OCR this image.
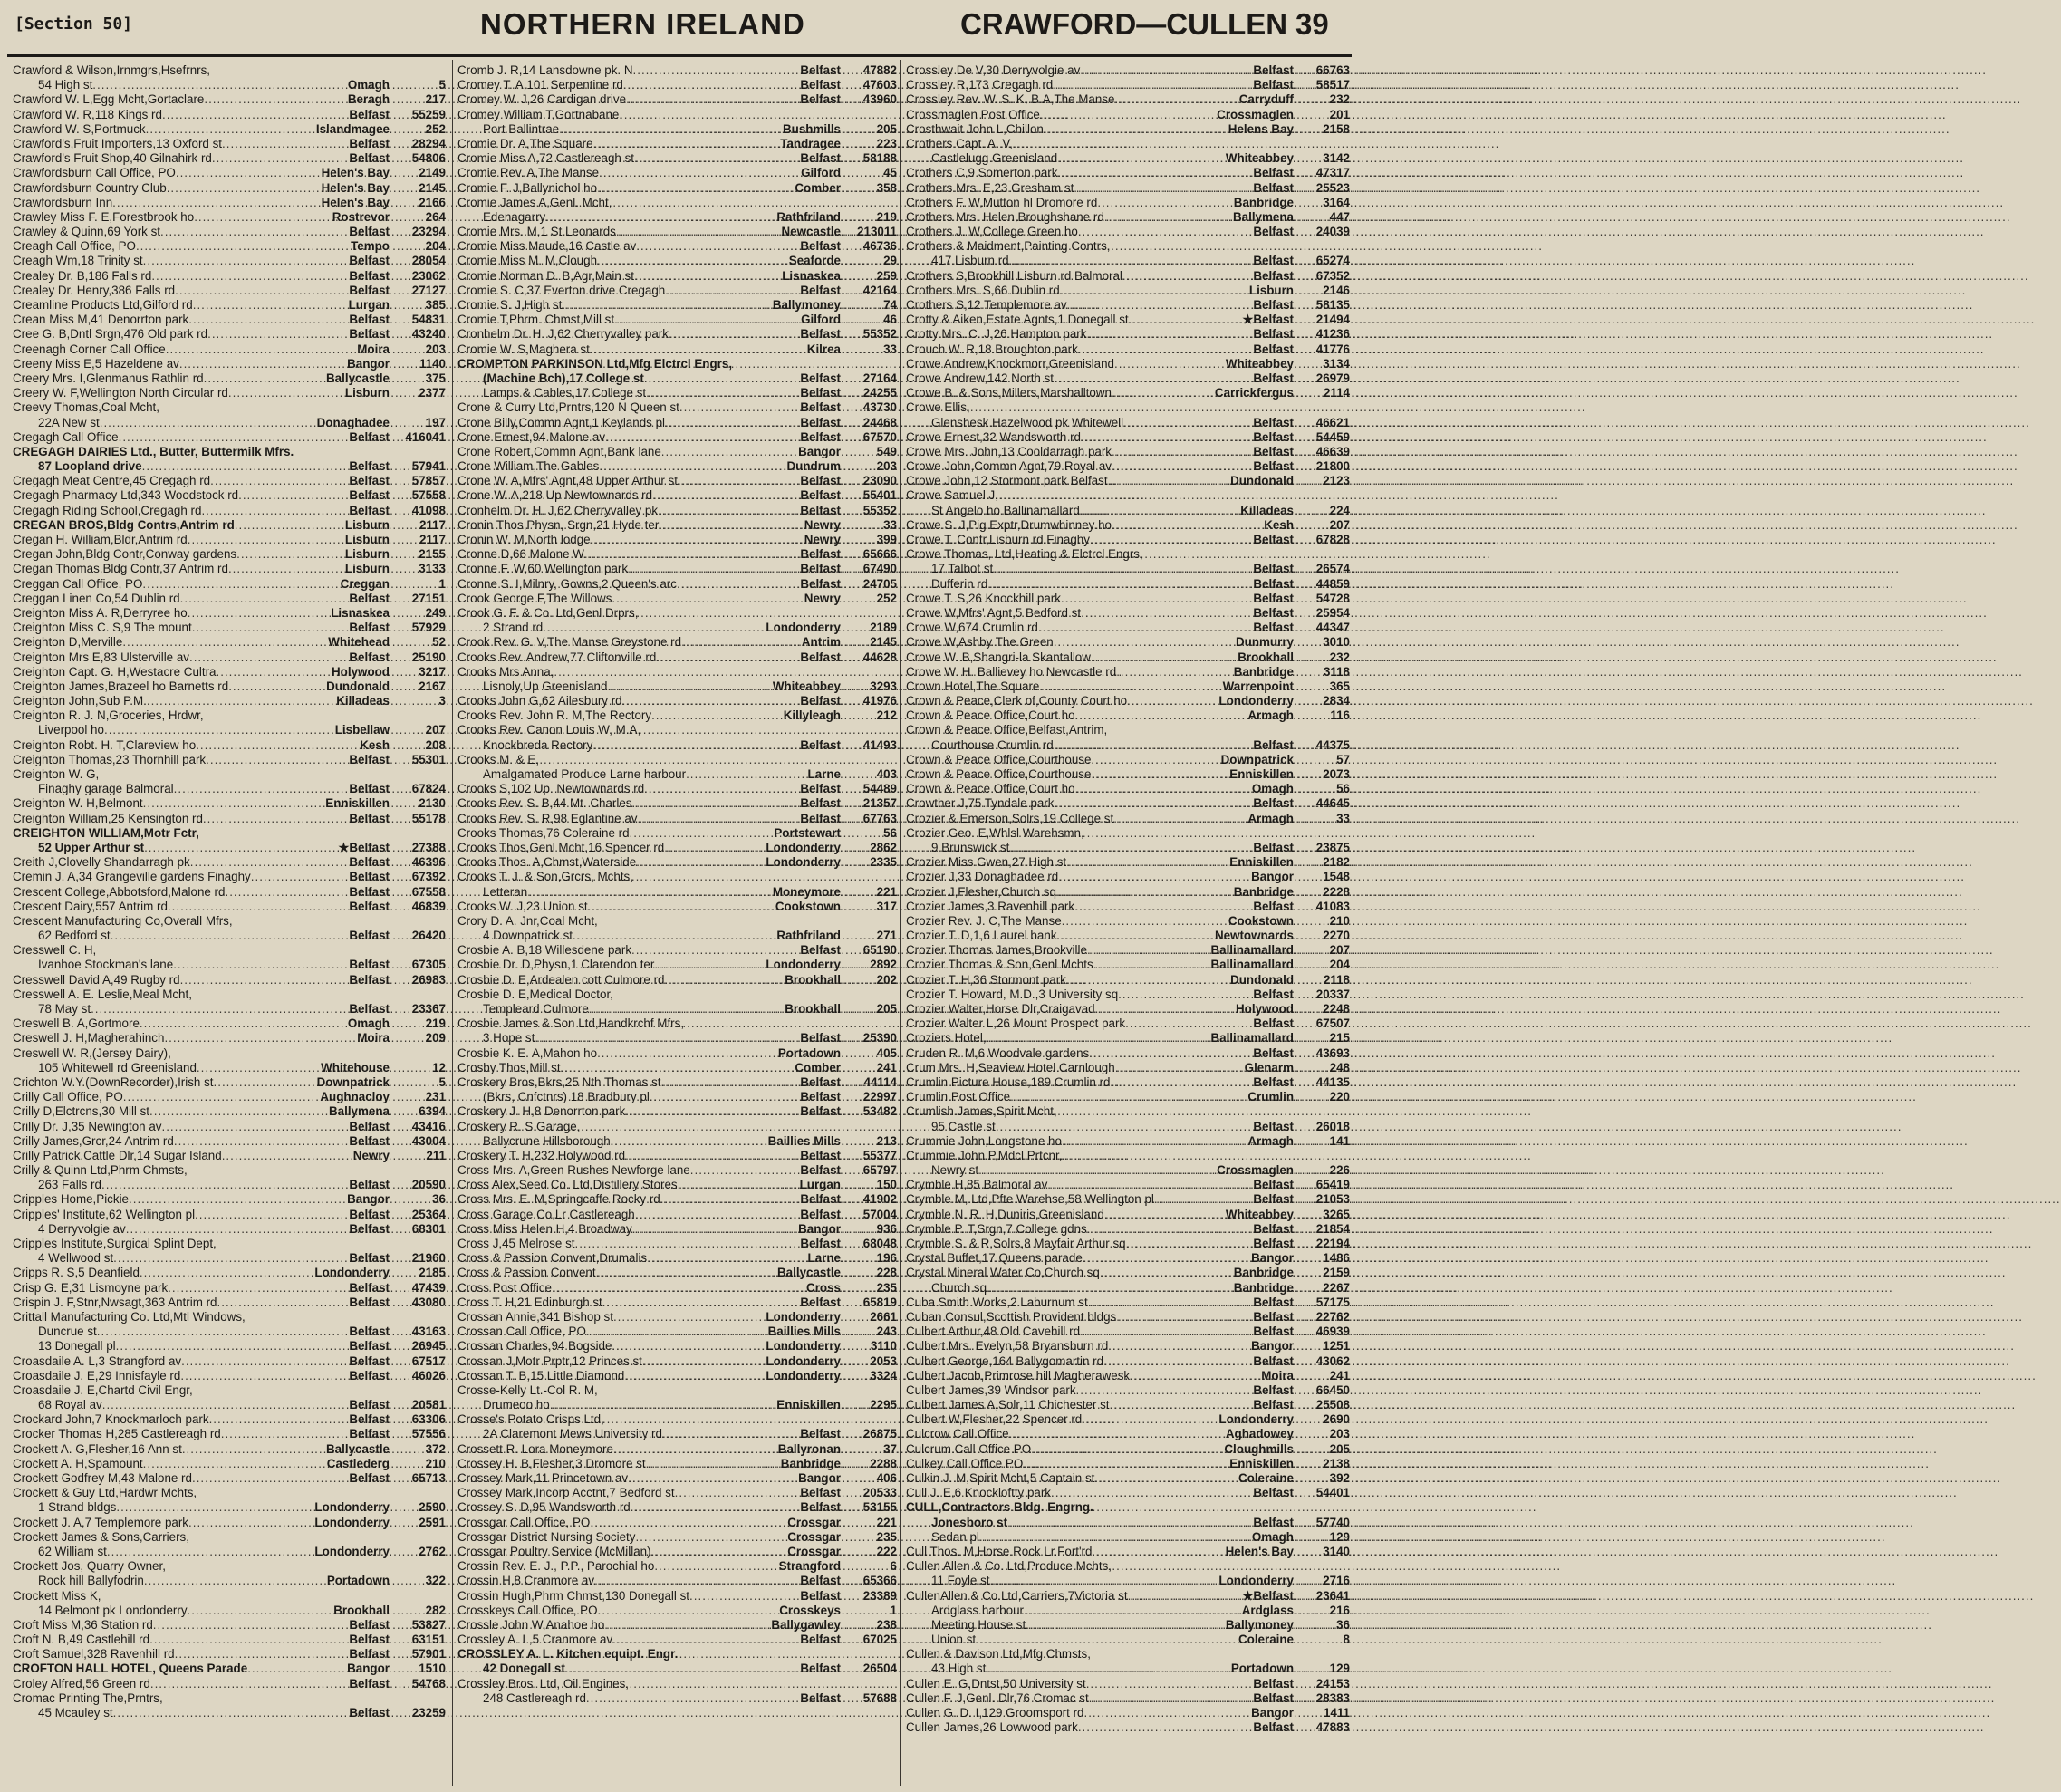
[Section 50]	NORTHERN IRELAND	CRAWFORD—CULLEN 39
Crawford & Wilson,Irnmgrs,Hsefrnrs,
54 High st .....	Omagh	5
Crawford W. L,Egg Mcht,Gortaclare .....	Beragh	217
Crawford W. R,118 Kings rd .....	Belfast	55259
Crawford W. S,Portmuck .....	Islandmagee	252
Crawford's,Fruit Importers,13 Oxford st .....	Belfast	28294
Crawford's Fruit Shop,40 Gilnahirk rd .....	Belfast	54806
Crawfordsburn Call Office, PO .....	Helen's Bay	2149
Crawfordsburn Country Club .....	Helen's Bay	2145
Crawfordsburn Inn .....	Helen's Bay	2166
Crawley Miss F. E,Forestbrook ho .....	Rostrevor	264
Crawley & Quinn,69 York st .....	Belfast	23294
Creagh Call Office, PO .....	Tempo	204
Creagh Wm,18 Trinity st .....	Belfast	28054
Crealey Dr. B,186 Falls rd .....	Belfast	23062
Crealey Dr. Henry,386 Falls rd .....	Belfast	27127
Creamline Products Ltd,Gilford rd .....	Lurgan	385
Crean Miss M,41 Denorrton park .....	Belfast	54831
Cree G. B,Dntl Srgn,476 Old park rd .....	Belfast	43240
Creenagh Corner Call Office .....	Moira	203
Creeny Miss E,5 Hazeldene av .....	Bangor	1140
Creery Mrs. I,Glenmanus Rathlin rd .....	Ballycastle	375
Creery W. F,Wellington North Circular rd .....	Lisburn	2377
Creevy Thomas,Coal Mcht,
22A New st .....	Donaghadee	197
Cregagh Call Office .....	Belfast	416041
CREGAGH DAIRIES Ltd., Butter, Buttermilk Mfrs.
87 Loopland drive .....	Belfast	57941
Cregagh Meat Centre,45 Cregagh rd .....	Belfast	57857
Cregagh Pharmacy Ltd,343 Woodstock rd .....	Belfast	57558
Cregagh Riding School,Cregagh rd .....	Belfast	41098
CREGAN BROS,Bldg Contrs,Antrim rd .....	Lisburn	2117
Cregan H. William,Bldr,Antrim rd .....	Lisburn	2117
Cregan John,Bldg Contr,Conway gardens .....	Lisburn	2155
Cregan Thomas,Bldg Contr,37 Antrim rd .....	Lisburn	3133
Creggan Call Office, PO .....	Creggan	1
Creggan Linen Co,54 Dublin rd .....	Belfast	27151
Creighton Miss A. R,Derryree ho .....	Lisnaskea	249
Creighton Miss C. S,9 The mount .....	Belfast	57929
Creighton D,Merville .....	Whitehead	52
Creighton Mrs E,83 Ulsterville av .....	Belfast	25190
Creighton Capt. G. H,Westacre Cultra .....	Holywood	3217
Creighton James,Brazeel ho Barnetts rd .....	Dundonald	2167
Creighton John,Sub P.M. .....	Killadeas	3
Creighton R. J. N,Groceries, Hrdwr,
Liverpool ho .....	Lisbellaw	207
Creighton Robt. H. T,Clareview ho .....	Kesh	208
Creighton Thomas,23 Thornhill park .....	Belfast	55301
Creighton W. G,
Finaghy garage Balmoral .....	Belfast	67824
Creighton W. H,Belmont .....	Enniskillen	2130
Creighton William,25 Kensington rd .....	Belfast	55178
CREIGHTON WILLIAM,Motr Fctr,
52 Upper Arthur st .....	★Belfast	27388
Creith J,Clovelly Shandarragh pk .....	Belfast	46396
Cremin J. A,34 Grangeville gardens Finaghy .....	Belfast	67392
Crescent College,Abbotsford,Malone rd .....	Belfast	67558
Crescent Dairy,557 Antrim rd .....	Belfast	46839
Crescent Manufacturing Co,Overall Mfrs,
62 Bedford st .....	Belfast	26420
Cresswell C. H,
Ivanhoe Stockman's lane .....	Belfast	67305
Cresswell David A,49 Rugby rd .....	Belfast	26983
Cresswell A. E. Leslie,Meal Mcht,
78 May st .....	Belfast	23367
Creswell B. A,Gortmore .....	Omagh	219
Creswell J. H,Magherahinch .....	Moira	209
Creswell W. R,(Jersey Dairy),
105 Whitewell rd Greenisland .....	Whitehouse	12
Crichton W.Y.(DownRecorder),Irish st .....	Downpatrick	5
Crilly Call Office, PO .....	Aughnacloy	231
Crilly D,Elctrcns,30 Mill st .....	Ballymena	6394
Crilly Dr. J,35 Newington av .....	Belfast	43416
Crilly James,Grcr,24 Antrim rd .....	Belfast	43004
Crilly Patrick,Cattle Dlr,14 Sugar Island .....	Newry	211
Crilly & Quinn Ltd,Phrm Chmsts,
263 Falls rd .....	Belfast	20590
Cripples Home,Pickie .....	Bangor	36
Cripples' Institute,62 Wellington pl .....	Belfast	25364
4 Derryvolgie av .....	Belfast	68301
Cripples Institute,Surgical Splint Dept,
4 Wellwood st .....	Belfast	21960
Cripps R. S,5 Deanfield .....	Londonderry	2185
Crisp G. E,31 Lismoyne park .....	Belfast	47439
Crispin J. F,Stnr,Nwsagt,363 Antrim rd .....	Belfast	43080
Crittall Manufacturing Co. Ltd,Mtl Windows,
Duncrue st .....	Belfast	43163
13 Donegall pl .....	Belfast	26945
Croasdaile A. L,3 Strangford av .....	Belfast	67517
Croasdaile J. E,29 Innisfayle rd .....	Belfast	46026
Croasdaile J. E,Chartd Civil Engr,
68 Royal av .....	Belfast	20581
Crockard John,7 Knockmarloch park .....	Belfast	63306
Crocker Thomas H,285 Castlereagh rd .....	Belfast	57556
Crockett A. G,Flesher,16 Ann st .....	Ballycastle	372
Crockett A. H,Spamount .....	Castlederg	210
Crockett Godfrey M,43 Malone rd .....	Belfast	65713
Crockett & Guy Ltd,Hardwr Mchts,
1 Strand bldgs .....	Londonderry	2590
Crockett J. A,7 Templemore park .....	Londonderry	2591
Crockett James & Sons,Carriers,
62 William st .....	Londonderry	2762
Crockett Jos, Quarry Owner,
Rock hill Ballyfodrin .....	Portadown	322
Crockett Miss K,
14 Belmont pk Londonderry .....	Brookhall	282
Croft Miss M,36 Station rd .....	Belfast	53827
Croft N. B,49 Castlehill rd .....	Belfast	63151
Croft Samuel,328 Ravenhill rd .....	Belfast	57901
CROFTON HALL HOTEL, Queens Parade .....	Bangor	1510
Croley Alfred,56 Green rd .....	Belfast	54768
Cromac Printing The,Prntrs,
45 Mcauley st .....	Belfast	23259
Cromb J. R,14 Lansdowne pk. N .....	Belfast	47882
Cromey T. A,101 Serpentine rd .....	Belfast	47603
Cromey W. J,26 Cardigan drive .....	Belfast	43960
Cromey William T,Gortnabane,
Port Ballintrae .....	Bushmills	205
Cromie Dr. A,The Square .....	Tandragee	223
Cromie Miss A,72 Castlereagh st .....	Belfast	58188
Cromie Rev. A,The Manse .....	Gilford	45
Cromie F. J,Ballynichol ho .....	Comber	358
Cromie James A,Genl. Mcht,
Edenagarry .....	Rathfriland	219
Cromie Mrs. M,1 St Leonards .....	Newcastle	213011
Cromie Miss Maude,16 Castle av .....	Belfast	46736
Cromie Miss M. M,Clough .....	Seaforde	29
Cromie Norman D. B,Agr,Main st .....	Lisnaskea	259
Cromie S. C,37 Everton drive Cregagh .....	Belfast	42164
Cromie S. J,High st .....	Ballymoney	74
Cromie T,Phrm. Chmst,Mill st .....	Gilford	46
Cronhelm Dr. H. J,62 Cherryvalley park .....	Belfast	55352
Cromie W. S,Maghera st .....	Kilrea	33
CROMPTON PARKINSON Ltd,Mfg Elctrcl Engrs,
(Machine Bch),17 College st .....	Belfast	27164
Lamps & Cables,17 College st .....	Belfast	24255
Crone & Curry Ltd,Prntrs,120 N Queen st .....	Belfast	43730
Crone Billy,Commn Agnt,1 Keylands pl .....	Belfast	24468
Crone Ernest,94 Malone av .....	Belfast	67570
Crone Robert,Commn Agnt,Bank lane .....	Bangor	549
Crone William,The Gables .....	Dundrum	203
Crone W. A,Mfrs' Agnt,48 Upper Arthur st .....	Belfast	23090
Crone W. A,218 Up Newtownards rd .....	Belfast	55401
Cronhelm Dr. H. J,62 Cherryvalley pk .....	Belfast	55352
Cronin Thos,Physn, Srgn,21 Hyde ter .....	Newry	33
Cronin W. M,North lodge .....	Newry	399
Cronne D,66 Malone W .....	Belfast	65666
Cronne F. W,60 Wellington park .....	Belfast	67490
Cronne S. I,Milnry, Gowns,2 Queen's arc .....	Belfast	24705
Crook George F,The Willows .....	Newry	252
Crook G. F. & Co. Ltd,Genl Drprs,
2 Strand rd .....	Londonderry	2189
Crook Rev. G. V,The Manse Greystone rd .....	Antrim	2145
Crooks Rev. Andrew,77 Cliftonville rd .....	Belfast	44628
Crooks Mrs Anna,
Lisnoly,Up Greenisland .....	Whiteabbey	3293
Crooks John G,62 Ailesbury rd .....	Belfast	41976
Crooks Rev. John R. M,The Rectory .....	Killyleagh	212
Crooks Rev. Canon Louis W, M.A,
Knockbreda Rectory .....	Belfast	41493
Crooks M. & E,
Amalgamated Produce Larne harbour .....	Larne	403
Crooks S,102 Up. Newtownards rd .....	Belfast	54489
Crooks Rev. S. B,44 Mt. Charles .....	Belfast	21357
Crooks Rev. S. R,98 Eglantine av .....	Belfast	67763
Crooks Thomas,76 Coleraine rd .....	Portstewart	56
Crooks Thos,Genl Mcht,16 Spencer rd .....	Londonderry	2862
Crooks Thos. A,Chmst,Waterside .....	Londonderry	2335
Crooks T. J. & Son,Grcrs, Mchts,
Letteran .....	Moneymore	221
Crooks W. J,23 Union st .....	Cookstown	317
Crory D. A. Jnr,Coal Mcht,
4 Downpatrick st .....	Rathfriland	271
Crosbie A. B,18 Willesdene park .....	Belfast	65190
Crosbie Dr. D,Physn,1 Clarendon ter .....	Londonderry	2892
Crosbie D. E,Ardealen cott Culmore rd .....	Brookhall	202
Crosbie D. E,Medical Doctor,
Templeard Culmore .....	Brookhall	205
Crosbie James & Son Ltd,Handkrchf Mfrs,
3 Hope st .....	Belfast	25390
Crosbie K. E. A,Mahon ho .....	Portadown	405
Crosby Thos,Mill st .....	Comber	241
Croskery Bros,Bkrs,25 Nth Thomas st .....	Belfast	44114
(Bkrs, Cnfctnrs) 18 Bradbury pl .....	Belfast	22997
Croskery J. H,8 Denorrton park .....	Belfast	53482
Croskery R. S,Garage,
Ballycrune Hillsborough .....	Baillies Mills	213
Croskery T. H,232 Holywood rd .....	Belfast	55377
Cross Mrs. A,Green Rushes Newforge lane .....	Belfast	65797
Cross Alex,Seed Co. Ltd,Distillery Stores .....	Lurgan	150
Cross Mrs. E. M,Springcaffe Rocky rd .....	Belfast	41902
Cross Garage Co,Lr Castlereagh .....	Belfast	57004
Cross Miss Helen H,4 Broadway .....	Bangor	936
Cross J,45 Melrose st .....	Belfast	68048
Cross & Passion Convent,Drumalis .....	Larne	196
Cross & Passion Convent .....	Ballycastle	228
Cross Post Office .....	Cross	235
Cross T. H,21 Edinburgh st .....	Belfast	65819
Crossan Annie,341 Bishop st .....	Londonderry	2661
Crossan Call Office, PO .....	Baillies Mills	243
Crossan Charles,94 Bogside .....	Londonderry	3110
Crossan J,Motr Prptr,12 Princes st .....	Londonderry	2053
Crossan T. B,15 Little Diamond .....	Londonderry	3324
Crosse-Kelly Lt.-Col R. M,
Drumeoo ho .....	Enniskillen	2295
Crosse's Potato Crisps Ltd,
2A Claremont Mews University rd .....	Belfast	26875
Crossett R. Lora Moneymore .....	Ballyronan	37
Crossey H. B,Flesher,3 Dromore st .....	Banbridge	2288
Crossey Mark,11 Princetown av .....	Bangor	406
Crossey Mark,Incorp Acctnt,7 Bedford st .....	Belfast	20533
Crossey S. D,95 Wandsworth rd .....	Belfast	53155
Crossgar Call Office, PO .....	Crossgar	221
Crossgar District Nursing Society .....	Crossgar	235
Crossgar Poultry Service (McMillan) .....	Crossgar	222
Crossin Rev. E. J., P.P., Parochial ho .....	Strangford	6
Crossin H,8 Cranmore av .....	Belfast	65366
Crossin Hugh,Phrm Chmst,130 Donegall st .....	Belfast	23389
Crosskeys Call Office, PO .....	Crosskeys	1
Crossle John W,Anahoe ho .....	Ballygawley	238
Crossley A. L,5 Cranmore av .....	Belfast	67025
CROSSLEY A. L. Kitchen equipt. Engr.
42 Donegall st .....	Belfast	26504
Crossley Bros. Ltd, Oil Engines,
248 Castlereagh rd .....	Belfast	57688
Crossley De V,30 Derryvolgie av .....	Belfast	66763
Crossley R,173 Cregagh rd .....	Belfast	58517
Crossley Rev. W. S. K, B.A,The Manse .....	Carryduff	232
Crossmaglen Post Office .....	Crossmaglen	201
Crosthwait John L,Chillon .....	Helens Bay	2158
Crothers Capt. A. V,
Castlelugg Greenisland .....	Whiteabbey	3142
Crothers C,9 Somerton park .....	Belfast	47317
Crothers Mrs. E,23 Gresham st .....	Belfast	25523
Crothers F. W,Mutton hl Dromore rd .....	Banbridge	3164
Crothers Mrs. Helen,Broughshane rd .....	Ballymena	447
Crothers J. W,College Green ho .....	Belfast	24039
Crothers & Maidment,Painting Contrs,
417 Lisburn rd .....	Belfast	65274
Crothers S,Brookhill Lisburn rd Balmoral .....	Belfast	67352
Crothers Mrs. S,66 Dublin rd .....	Lisburn	2146
Crothers S,12 Templemore av .....	Belfast	58135
Crotty & Aiken,Estate Agnts,1 Donegall st .....	★Belfast	21494
Crotty Mrs. C. J,26 Hampton park .....	Belfast	41236
Crouch W. R,18 Broughton park .....	Belfast	41776
Crowe Andrew,Knockmorr,Greenisland .....	Whiteabbey	3134
Crowe Andrew,142 North st .....	Belfast	26979
Crowe B. & Sons,Millers,Marshalltown .....	Carrickfergus	2114
Crowe Ellis,
Glenshesk Hazelwood pk Whitewell .....	Belfast	46621
Crowe Ernest,32 Wandsworth rd .....	Belfast	54459
Crowe Mrs. John,13 Cooldarragh park .....	Belfast	46639
Crowe John,Commn Agnt,79 Royal av .....	Belfast	21800
Crowe John,12 Stormont park Belfast .....	Dundonald	2123
Crowe Samuel J,
St Angelo ho Ballinamallard .....	Killadeas	224
Crowe S. J,Pig Exptr,Drumwhinney ho .....	Kesh	207
Crowe T. Contr,Lisburn rd Finaghy .....	Belfast	67828
Crowe Thomas, Ltd,Heating & Elctrcl Engrs,
17 Talbot st .....	Belfast	26574
Dufferin rd .....	Belfast	44859
Crowe T. S,26 Knockhill park .....	Belfast	54728
Crowe W,Mfrs' Agnt,5 Bedford st .....	Belfast	25954
Crowe W,674 Crumlin rd .....	Belfast	44347
Crowe W,Ashby The Green .....	Dunmurry	3010
Crowe W. B,Shangri-la Skantallow .....	Brookhall	232
Crowe W. H. Ballievey ho Newcastle rd .....	Banbridge	3118
Crown Hotel,The Square .....	Warrenpoint	365
Crown & Peace,Clerk of,County Court ho .....	Londonderry	2834
Crown & Peace Office,Court ho .....	Armagh	116
Crown & Peace Office,Belfast,Antrim,
Courthouse Crumlin rd .....	Belfast	44375
Crown & Peace Office,Courthouse .....	Downpatrick	57
Crown & Peace Office,Courthouse .....	Enniskillen	2073
Crown & Peace Office,Court ho .....	Omagh	56
Crowther J,75 Tyndale park .....	Belfast	44645
Crozier & Emerson,Solrs,19 College st .....	Armagh	33
Crozier Geo. E,Whlsl Warehsmn,
9 Brunswick st .....	Belfast	23875
Crozier Miss Gwen,27 High st .....	Enniskillen	2182
Crozier J,33 Donaghadee rd .....	Bangor	1548
Crozier J,Flesher,Church sq .....	Banbridge	2228
Crozier James,3 Ravenhill park .....	Belfast	41083
Crozier Rev. J. C,The Manse .....	Cookstown	210
Crozier T. D,1,6 Laurel bank .....	Newtownards	2270
Crozier Thomas James,Brookville .....	Ballinamallard	207
Crozier Thomas & Son,Genl Mchts .....	Ballinamallard	204
Crozier T. H,36 Stormont park .....	Dundonald	2118
Crozier T. Howard, M.D.,3 University sq .....	Belfast	20337
Crozier Walter,Horse Dlr,Craigavad .....	Holywood	2248
Crozier Walter L,26 Mount Prospect park .....	Belfast	67507
Croziers Hotel, .....	Ballinamallard	215
Cruden R. M,6 Woodvale gardens .....	Belfast	43693
Crum Mrs. H,Seaview Hotel Carnlough .....	Glenarm	248
Crumlin Picture House,189 Crumlin rd .....	Belfast	44135
Crumlin Post Office .....	Crumlin	220
Crumlish James,Spirit Mcht,
95 Castle st .....	Belfast	26018
Crummie John,Longstone ho .....	Armagh	141
Crummie John P,Mdcl Prtcnr,
Newry st .....	Crossmaglen	226
Crymble H,85 Balmoral av .....	Belfast	65419
Crymble M, Ltd,Pfte Warehse,58 Wellington pl .....	Belfast	21053
Crymble N. R. H,Duniris,Greenisland .....	Whiteabbey	3265
Crymble P. T,Srgn,7 College gdns .....	Belfast	21854
Crymble S. & R,Solrs,8 Mayfair Arthur sq .....	Belfast	22194
Crystal Buffet,17 Queens parade .....	Bangor	1486
Crystal Mineral Water Co,Church sq .....	Banbridge	2159
Church sq .....	Banbridge	2267
Cuba Smith Works,2 Laburnum st .....	Belfast	57175
Cuban Consul,Scottish Provident bldgs .....	Belfast	22762
Culbert Arthur,48 Old Cavehill rd .....	Belfast	46939
Culbert Mrs. Evelyn,58 Bryansburn rd .....	Bangor	1251
Culbert George,164 Ballygomartin rd .....	Belfast	43062
Culbert Jacob,Primrose hill Magherawesk .....	Moira	241
Culbert James,39 Windsor park .....	Belfast	66450
Culbert James A,Solr,11 Chichester st .....	Belfast	25508
Culbert W,Flesher,22 Spencer rd .....	Londonderry	2690
Culcrow Call Office .....	Aghadowey	203
Culcrum Call Office PO .....	Cloughmills	205
Culkey Call Office PO .....	Enniskillen	2138
Culkin J. M,Spirit Mcht,5 Captain st .....	Coleraine	392
Cull J. E,6 Knockloftty park .....	Belfast	54401
CULL,Contractors Bldg. Engrng.
Jonesboro st .....	Belfast	57740
Sedan pl .....	Omagh	129
Cull Thos. M,Horse Rock Lr.Fort'rd .....	Helen's Bay	3140
Cullen Allen & Co. Ltd,Produce Mchts,
11 Foyle st .....	Londonderry	2716
CullenAllen & Co.Ltd,Carriers,7Victoria st .....	★Belfast	23641
Ardglass harbour .....	Ardglass	216
Meeting House st .....	Ballymoney	36
Union st .....	Coleraine	8
Cullen & Davison Ltd,Mfg Chmsts,
43 High st .....	Portadown	129
Cullen E. G,Dntst,50 University st .....	Belfast	24153
Cullen F. J,Genl. Dlr,76 Cromac st .....	Belfast	28383
Cullen G. D. I,129 Groomsport rd .....	Bangor	1411
Cullen James,26 Lowwood park .....	Belfast	47883
